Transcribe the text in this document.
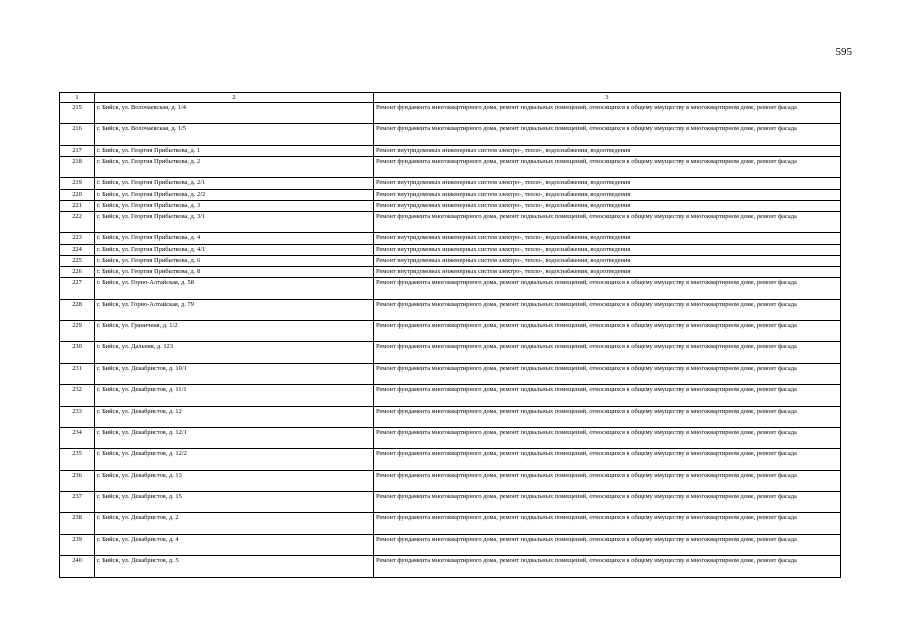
595
1	2	3
215	г. Бийск, ул. Волочаевская, д. 1/4	Ремонт фундамента многоквартирного дома, ремонт подвальных помещений, относящихся к общему имуществу в многоквартирном доме, ремонт фасада
216	г. Бийск, ул. Волочаевская, д. 1/5	Ремонт фундамента многоквартирного дома, ремонт подвальных помещений, относящихся к общему имуществу в многоквартирном доме, ремонт фасада
217	г. Бийск, ул. Георгия Прибыткова, д. 1	Ремонт внутридомовых инженерных систем электро-, тепло-, водоснабжения, водоотведения
218	г. Бийск, ул. Георгия Прибыткова, д. 2	Ремонт фундамента многоквартирного дома, ремонт подвальных помещений, относящихся к общему имуществу в многоквартирном доме, ремонт фасада
219	г. Бийск, ул. Георгия Прибыткова, д. 2/1	Ремонт внутридомовых инженерных систем электро-, тепло-, водоснабжения, водоотведения
220	г. Бийск, ул. Георгия Прибыткова, д. 2/2	Ремонт внутридомовых инженерных систем электро-, тепло-, водоснабжения, водоотведения
221	г. Бийск, ул. Георгия Прибыткова, д. 3	Ремонт внутридомовых инженерных систем электро-, тепло-, водоснабжения, водоотведения
222	г. Бийск, ул. Георгия Прибыткова, д. 3/1	Ремонт фундамента многоквартирного дома, ремонт подвальных помещений, относящихся к общему имуществу в многоквартирном доме, ремонт фасада
223	г. Бийск, ул. Георгия Прибыткова, д. 4	Ремонт внутридомовых инженерных систем электро-, тепло-, водоснабжения, водоотведения
224	г. Бийск, ул. Георгия Прибыткова, д. 4/1	Ремонт внутридомовых инженерных систем электро-, тепло-, водоснабжения, водоотведения
225	г. Бийск, ул. Георгия Прибыткова, д. 6	Ремонт внутридомовых инженерных систем электро-, тепло-, водоснабжения, водоотведения
226	г. Бийск, ул. Георгия Прибыткова, д. 8	Ремонт внутридомовых инженерных систем электро-, тепло-, водоснабжения, водоотведения
227	г. Бийск, ул. Горно-Алтайская, д. 58	Ремонт фундамента многоквартирного дома, ремонт подвальных помещений, относящихся к общему имуществу в многоквартирном доме, ремонт фасада
228	г. Бийск, ул. Горно-Алтайская, д. 79	Ремонт фундамента многоквартирного дома, ремонт подвальных помещений, относящихся к общему имуществу в многоквартирном доме, ремонт фасада
229	г. Бийск, ул. Граничная, д. 1/2	Ремонт фундамента многоквартирного дома, ремонт подвальных помещений, относящихся к общему имуществу в многоквартирном доме, ремонт фасада
230	г. Бийск, ул. Дальняя, д. 123	Ремонт фундамента многоквартирного дома, ремонт подвальных помещений, относящихся к общему имуществу в многоквартирном доме, ремонт фасада
231	г. Бийск, ул. Декабристов, д. 10/1	Ремонт фундамента многоквартирного дома, ремонт подвальных помещений, относящихся к общему имуществу в многоквартирном доме, ремонт фасада
232	г. Бийск, ул. Декабристов, д. 11/1	Ремонт фундамента многоквартирного дома, ремонт подвальных помещений, относящихся к общему имуществу в многоквартирном доме, ремонт фасада
233	г. Бийск, ул. Декабристов, д. 12	Ремонт фундамента многоквартирного дома, ремонт подвальных помещений, относящихся к общему имуществу в многоквартирном доме, ремонт фасада
234	г. Бийск, ул. Декабристов, д. 12/1	Ремонт фундамента многоквартирного дома, ремонт подвальных помещений, относящихся к общему имуществу в многоквартирном доме, ремонт фасада
235	г. Бийск, ул. Декабристов, д. 12/2	Ремонт фундамента многоквартирного дома, ремонт подвальных помещений, относящихся к общему имуществу в многоквартирном доме, ремонт фасада
236	г. Бийск, ул. Декабристов, д. 13	Ремонт фундамента многоквартирного дома, ремонт подвальных помещений, относящихся к общему имуществу в многоквартирном доме, ремонт фасада
237	г. Бийск, ул. Декабристов, д. 15	Ремонт фундамента многоквартирного дома, ремонт подвальных помещений, относящихся к общему имуществу в многоквартирном доме, ремонт фасада
238	г. Бийск, ул. Декабристов, д. 2	Ремонт фундамента многоквартирного дома, ремонт подвальных помещений, относящихся к общему имуществу в многоквартирном доме, ремонт фасада
239	г. Бийск, ул. Декабристов, д. 4	Ремонт фундамента многоквартирного дома, ремонт подвальных помещений, относящихся к общему имуществу в многоквартирном доме, ремонт фасада
240	г. Бийск, ул. Декабристов, д. 5	Ремонт фундамента многоквартирного дома, ремонт подвальных помещений, относящихся к общему имуществу в многоквартирном доме, ремонт фасада
